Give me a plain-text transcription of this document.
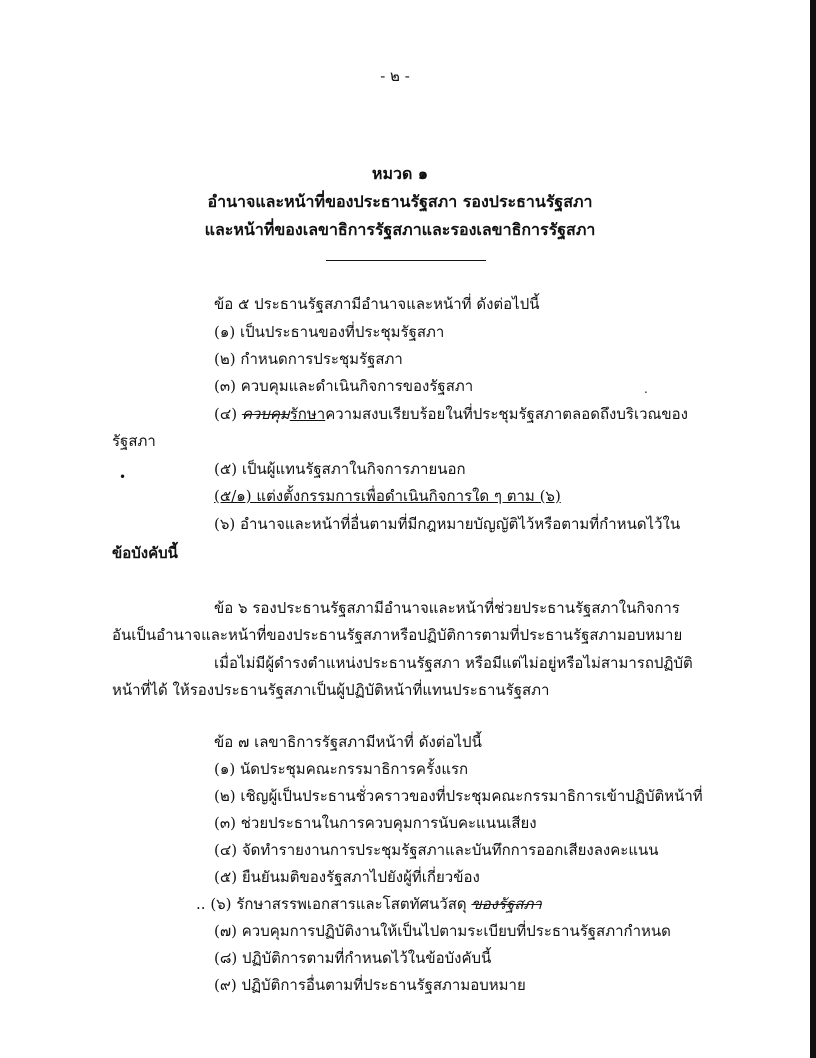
- ๒ -
หมวด ๑
อำนาจและหน้าที่ของประธานรัฐสภา รองประธานรัฐสภา
และหน้าที่ของเลขาธิการรัฐสภาและรองเลขาธิการรัฐสภา
ข้อ ๕ ประธานรัฐสภามีอำนาจและหน้าที่ ดังต่อไปนี้
(๑) เป็นประธานของที่ประชุมรัฐสภา
(๒) กำหนดการประชุมรัฐสภา
(๓) ควบคุมและดำเนินกิจการของรัฐสภา	.
(๔) ควบคุมรักษาความสงบเรียบร้อยในที่ประชุมรัฐสภาตลอดถึงบริเวณของ
รัฐสภา
•	(๕) เป็นผู้แทนรัฐสภาในกิจการภายนอก
(๕/๑) แต่งตั้งกรรมการเพื่อดำเนินกิจการใด ๆ ตาม (๖)
(๖) อำนาจและหน้าที่อื่นตามที่มีกฎหมายบัญญัติไว้หรือตามที่กำหนดไว้ใน
ข้อบังคับนี้
ข้อ ๖ รองประธานรัฐสภามีอำนาจและหน้าที่ช่วยประธานรัฐสภาในกิจการ
อันเป็นอำนาจและหน้าที่ของประธานรัฐสภาหรือปฏิบัติการตามที่ประธานรัฐสภามอบหมาย
เมื่อไม่มีผู้ดำรงตำแหน่งประธานรัฐสภา หรือมีแต่ไม่อยู่หรือไม่สามารถปฏิบัติ
หน้าที่ได้ ให้รองประธานรัฐสภาเป็นผู้ปฏิบัติหน้าที่แทนประธานรัฐสภา
ข้อ ๗ เลขาธิการรัฐสภามีหน้าที่ ดังต่อไปนี้
(๑) นัดประชุมคณะกรรมาธิการครั้งแรก
(๒) เชิญผู้เป็นประธานชั่วคราวของที่ประชุมคณะกรรมาธิการเข้าปฏิบัติหน้าที่
(๓) ช่วยประธานในการควบคุมการนับคะแนนเสียง
(๔) จัดทำรายงานการประชุมรัฐสภาและบันทึกการออกเสียงลงคะแนน
(๕) ยืนยันมติของรัฐสภาไปยังผู้ที่เกี่ยวข้อง
.. (๖) รักษาสรรพเอกสารและโสตทัศนวัสดุ ของรัฐสภา
(๗) ควบคุมการปฏิบัติงานให้เป็นไปตามระเบียบที่ประธานรัฐสภากำหนด
(๘) ปฏิบัติการตามที่กำหนดไว้ในข้อบังคับนี้
(๙) ปฏิบัติการอื่นตามที่ประธานรัฐสภามอบหมาย
